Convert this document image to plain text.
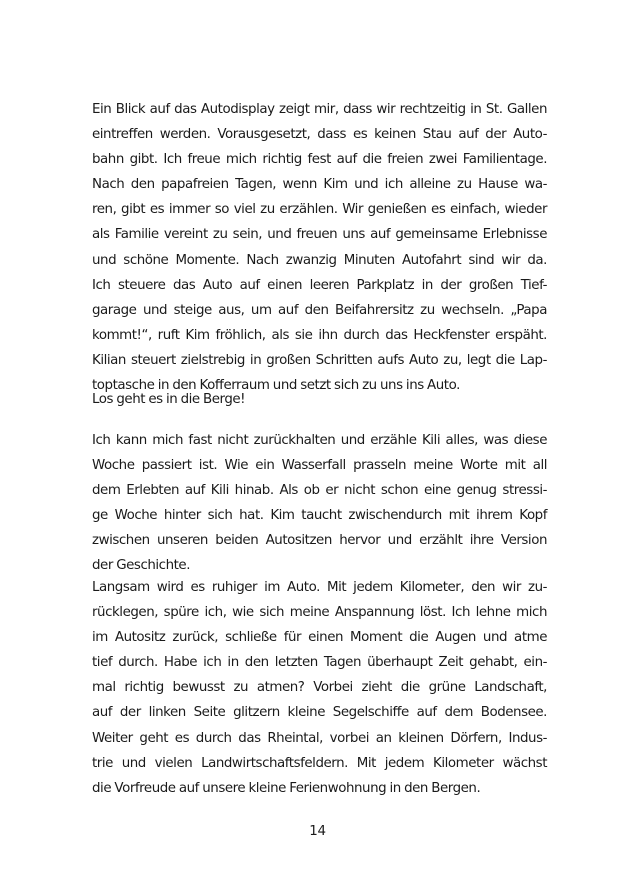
Ein Blick auf das Autodisplay zeigt mir, dass wir rechtzeitig in St. Gallen
eintreffen werden. Vorausgesetzt, dass es keinen Stau auf der Auto-
bahn gibt. Ich freue mich richtig fest auf die freien zwei Familientage.
Nach den papafreien Tagen, wenn Kim und ich alleine zu Hause wa-
ren, gibt es immer so viel zu erzählen. Wir genießen es einfach, wieder
als Familie vereint zu sein, und freuen uns auf gemeinsame Erlebnisse
und schöne Momente. Nach zwanzig Minuten Autofahrt sind wir da.
Ich steuere das Auto auf einen leeren Parkplatz in der großen Tief-
garage und steige aus, um auf den Beifahrersitz zu wechseln. „Papa
kommt!“, ruft Kim fröhlich, als sie ihn durch das Heckfenster erspäht.
Kilian steuert zielstrebig in großen Schritten aufs Auto zu, legt die Lap-
toptasche in den Kofferraum und setzt sich zu uns ins Auto.
Los geht es in die Berge!
Ich kann mich fast nicht zurückhalten und erzähle Kili alles, was diese
Woche passiert ist. Wie ein Wasserfall prasseln meine Worte mit all
dem Erlebten auf Kili hinab. Als ob er nicht schon eine genug stressi-
ge Woche hinter sich hat. Kim taucht zwischendurch mit ihrem Kopf
zwischen unseren beiden Autositzen hervor und erzählt ihre Version
der Geschichte.
Langsam wird es ruhiger im Auto. Mit jedem Kilometer, den wir zu-
rücklegen, spüre ich, wie sich meine Anspannung löst. Ich lehne mich
im Autositz zurück, schließe für einen Moment die Augen und atme
tief durch. Habe ich in den letzten Tagen überhaupt Zeit gehabt, ein-
mal richtig bewusst zu atmen? Vorbei zieht die grüne Landschaft,
auf der linken Seite glitzern kleine Segelschiffe auf dem Bodensee.
Weiter geht es durch das Rheintal, vorbei an kleinen Dörfern, Indus-
trie und vielen Landwirtschaftsfeldern. Mit jedem Kilometer wächst
die Vorfreude auf unsere kleine Ferienwohnung in den Bergen.
14
